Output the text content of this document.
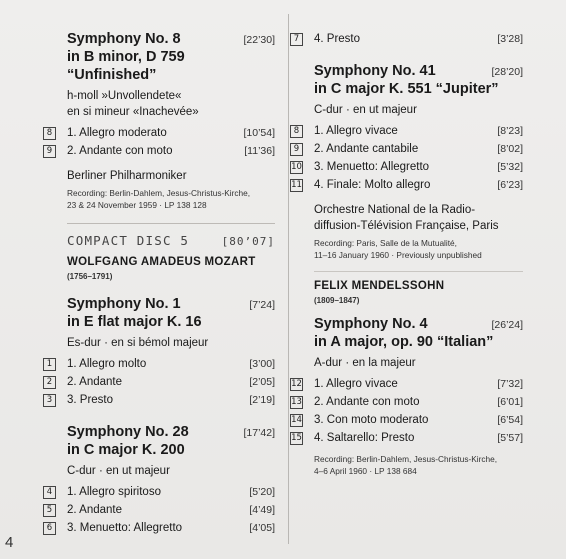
Symphony No. 8	[22’30]
in B minor, D 759
“Unfinished”
h-moll »Unvollendete«
en si mineur «Inachevée»
8	1. Allegro moderato	[10’54]
9	2. Andante con moto	[11’36]
Berliner Philharmoniker
Recording: Berlin-Dahlem, Jesus-Christus-Kirche,
23 & 24 November 1959 · LP 138 128
COMPACT DISC 5	[80’07]
WOLFGANG AMADEUS MOZART
(1756–1791)
Symphony No. 1	[7’24]
in E flat major K. 16
Es-dur · en si bémol majeur
1	1. Allegro molto	[3’00]
2	2. Andante	[2’05]
3	3. Presto	[2’19]
Symphony No. 28	[17’42]
in C major K. 200
C-dur · en ut majeur
4	1. Allegro spiritoso	[5’20]
5	2. Andante	[4’49]
6	3. Menuetto: Allegretto	[4’05]
7	4. Presto	[3’28]
Symphony No. 41	[28’20]
in C major K. 551 “Jupiter”
C-dur · en ut majeur
8	1. Allegro vivace	[8’23]
9	2. Andante cantabile	[8’02]
10 3. Menuetto: Allegretto	[5’32]
11 4. Finale: Molto allegro	[6’23]
Orchestre National de la Radio-
diffusion-Télévision Française, Paris
Recording: Paris, Salle de la Mutualité,
11–16 January 1960 · Previously unpublished
FELIX MENDELSSOHN
(1809–1847)
Symphony No. 4	[26’24]
in A major, op. 90 “Italian”
A-dur · en la majeur
12 1. Allegro vivace	[7’32]
13 2. Andante con moto	[6’01]
14 3. Con moto moderato	[6’54]
15 4. Saltarello: Presto	[5’57]
Recording: Berlin-Dahlem, Jesus-Christus-Kirche,
4–6 April 1960 · LP 138 684
4
